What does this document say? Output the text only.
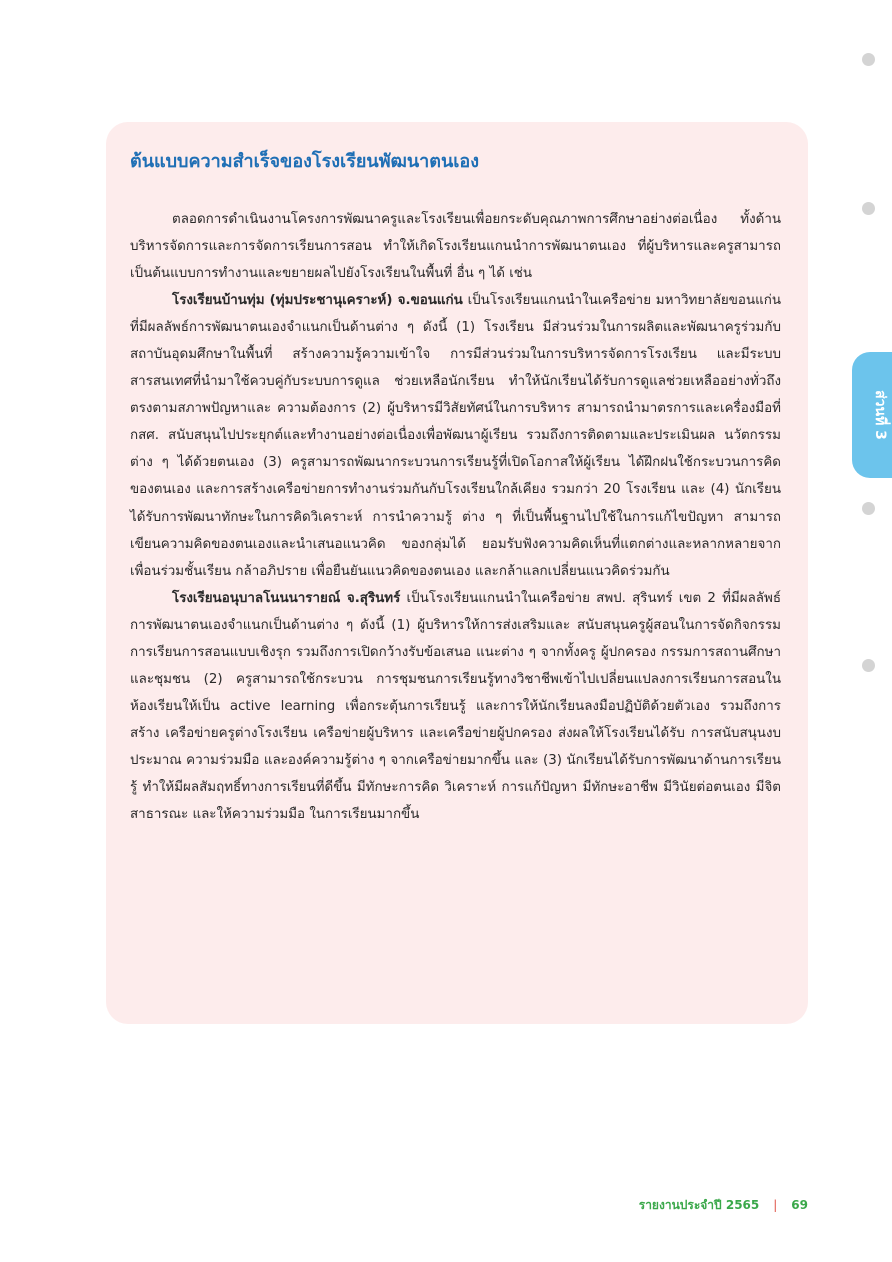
ส่วนที่ 3
ต้นแบบความสำเร็จของโรงเรียนพัฒนาตนเอง

ตลอดการดำเนินงานโครงการพัฒนาครูและโรงเรียนเพื่อยกระดับคุณภาพการศึกษาอย่างต่อเนื่อง ทั้งด้านบริหารจัดการและการจัดการเรียนการสอน ทำให้เกิดโรงเรียนแกนนำการพัฒนาตนเอง ที่ผู้บริหารและครูสามารถเป็นต้นแบบการทำงานและขยายผลไปยังโรงเรียนในพื้นที่ อื่น ๆ ได้ เช่น

โรงเรียนบ้านทุ่ม (ทุ่มประชานุเคราะห์) จ.ขอนแก่น เป็นโรงเรียนแกนนำในเครือข่าย มหาวิทยาลัยขอนแก่น ที่มีผลลัพธ์การพัฒนาตนเองจำแนกเป็นด้านต่าง ๆ ดังนี้ (1) โรงเรียน มีส่วนร่วมในการผลิตและพัฒนาครูร่วมกับสถาบันอุดมศึกษาในพื้นที่ สร้างความรู้ความเข้าใจ การมีส่วนร่วมในการบริหารจัดการโรงเรียน และมีระบบสารสนเทศที่นำมาใช้ควบคู่กับระบบการดูแล ช่วยเหลือนักเรียน ทำให้นักเรียนได้รับการดูแลช่วยเหลืออย่างทั่วถึงตรงตามสภาพปัญหาและ ความต้องการ (2) ผู้บริหารมีวิสัยทัศน์ในการบริหาร สามารถนำมาตรการและเครื่องมือที่ กสศ. สนับสนุนไปประยุกต์และทำงานอย่างต่อเนื่องเพื่อพัฒนาผู้เรียน รวมถึงการติดตามและประเมินผล นวัตกรรมต่าง ๆ ได้ด้วยตนเอง (3) ครูสามารถพัฒนากระบวนการเรียนรู้ที่เปิดโอกาสให้ผู้เรียน ได้ฝึกฝนใช้กระบวนการคิดของตนเอง และการสร้างเครือข่ายการทำงานร่วมกันกับโรงเรียนใกล้เคียง รวมกว่า 20 โรงเรียน และ (4) นักเรียนได้รับการพัฒนาทักษะในการคิดวิเคราะห์ การนำความรู้ ต่าง ๆ ที่เป็นพื้นฐานไปใช้ในการแก้ไขปัญหา สามารถเขียนความคิดของตนเองและนำเสนอแนวคิด ของกลุ่มได้ ยอมรับฟังความคิดเห็นที่แตกต่างและหลากหลายจากเพื่อนร่วมชั้นเรียน กล้าอภิปราย เพื่อยืนยันแนวคิดของตนเอง และกล้าแลกเปลี่ยนแนวคิดร่วมกัน

โรงเรียนอนุบาลโนนนารายณ์ จ.สุรินทร์ เป็นโรงเรียนแกนนำในเครือข่าย สพป. สุรินทร์ เขต 2 ที่มีผลลัพธ์การพัฒนาตนเองจำแนกเป็นด้านต่าง ๆ ดังนี้ (1) ผู้บริหารให้การส่งเสริมและ สนับสนุนครูผู้สอนในการจัดกิจกรรมการเรียนการสอนแบบเชิงรุก รวมถึงการเปิดกว้างรับข้อเสนอ แนะต่าง ๆ จากทั้งครู ผู้ปกครอง กรรมการสถานศึกษา และชุมชน (2) ครูสามารถใช้กระบวน การชุมชนการเรียนรู้ทางวิชาชีพเข้าไปเปลี่ยนแปลงการเรียนการสอนในห้องเรียนให้เป็น active learning เพื่อกระตุ้นการเรียนรู้ และการให้นักเรียนลงมือปฏิบัติด้วยตัวเอง รวมถึงการสร้าง เครือข่ายครูต่างโรงเรียน เครือข่ายผู้บริหาร และเครือข่ายผู้ปกครอง ส่งผลให้โรงเรียนได้รับ การสนับสนุนงบประมาณ ความร่วมมือ และองค์ความรู้ต่าง ๆ จากเครือข่ายมากขึ้น และ (3) นักเรียนได้รับการพัฒนาด้านการเรียนรู้ ทำให้มีผลสัมฤทธิ์ทางการเรียนที่ดีขึ้น มีทักษะการคิด วิเคราะห์ การแก้ปัญหา มีทักษะอาชีพ มีวินัยต่อตนเอง มีจิตสาธารณะ และให้ความร่วมมือ ในการเรียนมากขึ้น

รายงานประจำปี 2565 | 69
